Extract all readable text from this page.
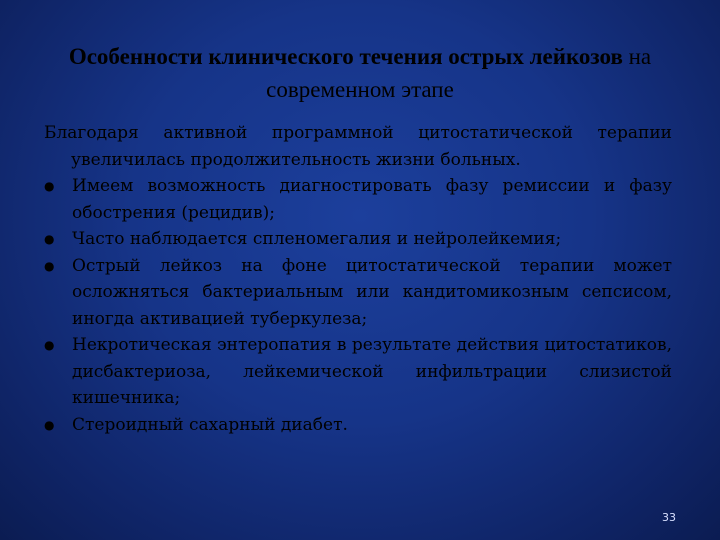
Особенности клинического течения острых лейкозов на современном этапе

Благодаря активной программной цитостатической терапии увеличилась продолжительность жизни больных.

● Имеем возможность диагностировать фазу ремиссии и фазу обострения (рецидив);

● Часто наблюдается спленомегалия и нейролейкемия;

● Острый лейкоз на фоне цитостатической терапии может осложняться бактериальным или кандитомикозным сепсисом, иногда активацией туберкулеза;

● Некротическая энтеропатия в результате действия цитостатиков, дисбактериоза, лейкемической инфильтрации слизистой кишечника;

● Стероидный сахарный диабет.

33
